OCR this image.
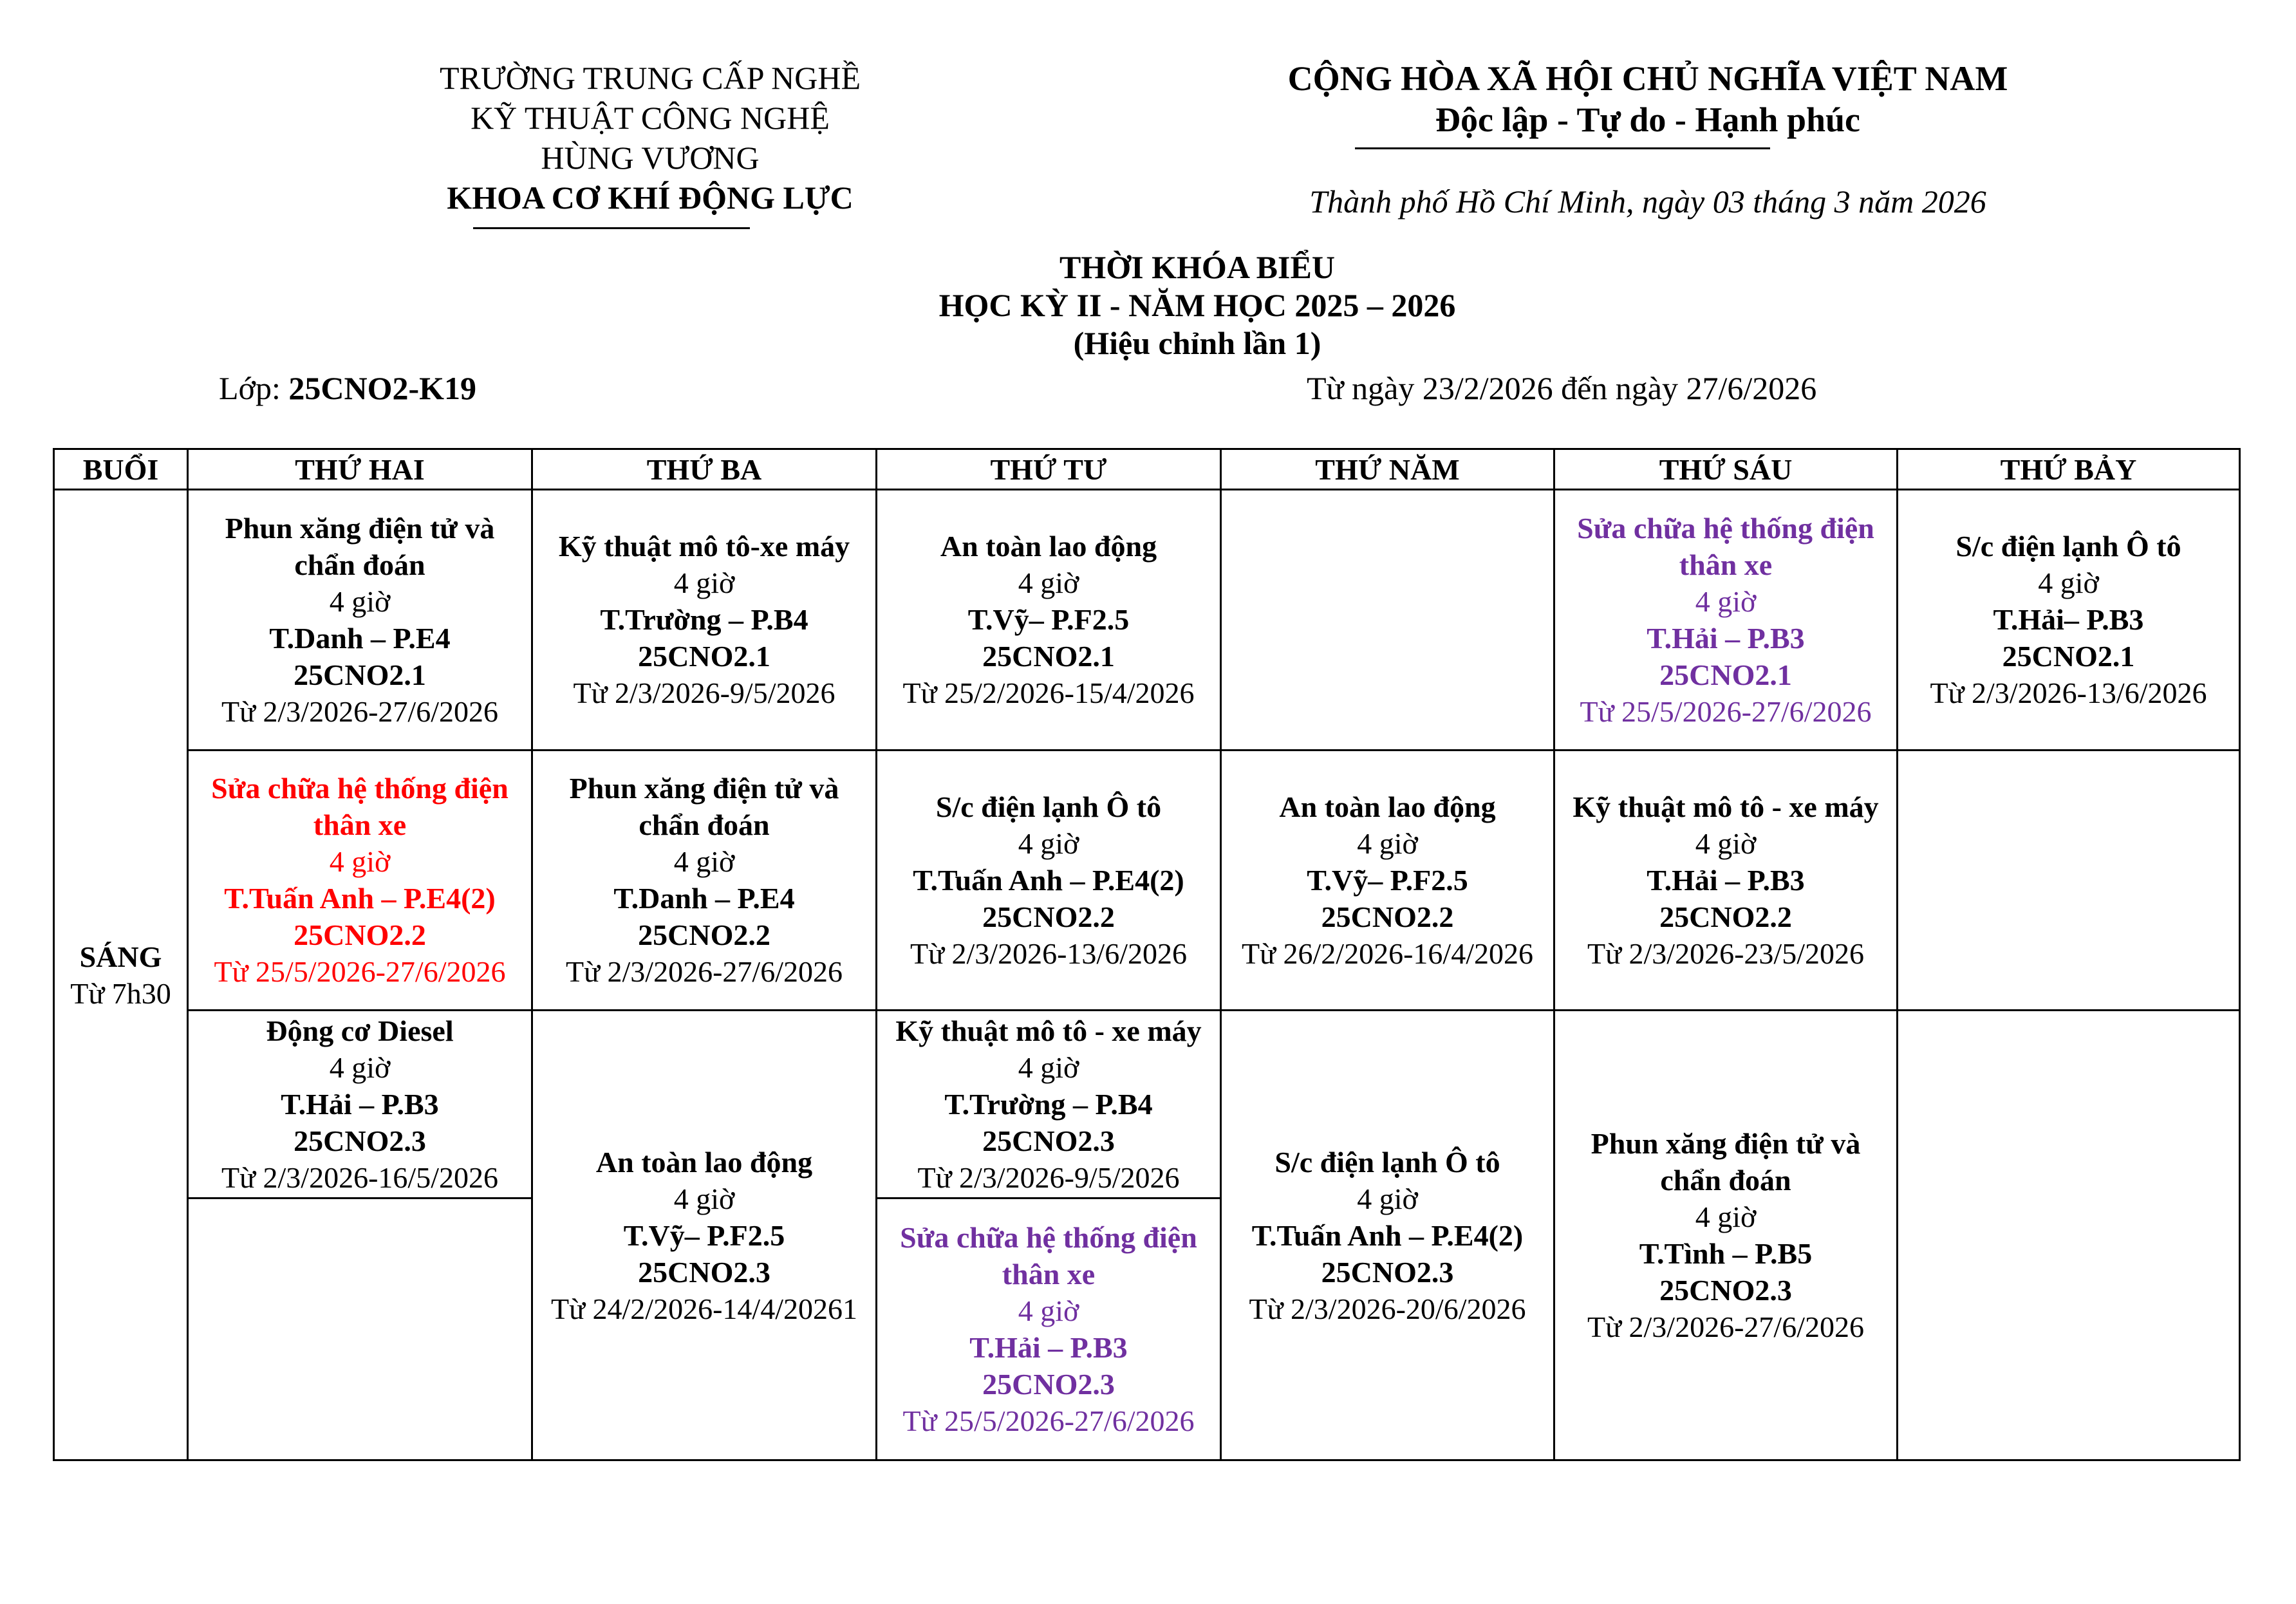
TRƯỜNG TRUNG CẤP NGHỀ
KỸ THUẬT CÔNG NGHỆ
HÙNG VƯƠNG
KHOA CƠ KHÍ ĐỘNG LỰC
CỘNG HÒA XÃ HỘI CHỦ NGHĨA VIỆT NAM
Độc lập - Tự do - Hạnh phúc
Thành phố Hồ Chí Minh, ngày 03 tháng 3 năm 2026
THỜI KHÓA BIỂU
HỌC KỲ II - NĂM HỌC 2025 – 2026
(Hiệu chỉnh lần 1)
Lớp: 25CNO2-K19	Từ ngày 23/2/2026 đến ngày 27/6/2026
BUỔI	THỨ HAI	THỨ BA	THỨ TƯ	THỨ NĂM	THỨ SÁU	THỨ BẢY

SÁNG
Từ 7h30	Phun xăng điện tử và chẩn đoán
4 giờ
T.Danh – P.E4
25CNO2.1
Từ 2/3/2026-27/6/2026	Kỹ thuật mô tô-xe máy
4 giờ
T.Trường – P.B4
25CNO2.1
Từ 2/3/2026-9/5/2026	An toàn lao động
4 giờ
T.Vỹ– P.F2.5
25CNO2.1
Từ 25/2/2026-15/4/2026		Sửa chữa hệ thống điện thân xe
4 giờ
T.Hải – P.B3
25CNO2.1
Từ 25/5/2026-27/6/2026	S/c điện lạnh Ô tô
4 giờ
T.Hải– P.B3
25CNO2.1
Từ 2/3/2026-13/6/2026

	Sửa chữa hệ thống điện thân xe
4 giờ
T.Tuấn Anh – P.E4(2)
25CNO2.2
Từ 25/5/2026-27/6/2026	Phun xăng điện tử và chẩn đoán
4 giờ
T.Danh – P.E4
25CNO2.2
Từ 2/3/2026-27/6/2026	S/c điện lạnh Ô tô
4 giờ
T.Tuấn Anh – P.E4(2)
25CNO2.2
Từ 2/3/2026-13/6/2026	An toàn lao động
4 giờ
T.Vỹ– P.F2.5
25CNO2.2
Từ 26/2/2026-16/4/2026	Kỹ thuật mô tô - xe máy
4 giờ
T.Hải – P.B3
25CNO2.2
Từ 2/3/2026-23/5/2026	

	Động cơ Diesel
4 giờ
T.Hải – P.B3
25CNO2.3
Từ 2/3/2026-16/5/2026	An toàn lao động
4 giờ
T.Vỹ– P.F2.5
25CNO2.3
Từ 24/2/2026-14/4/20261	Kỹ thuật mô tô - xe máy
4 giờ
T.Trường – P.B4
25CNO2.3
Từ 2/3/2026-9/5/2026	S/c điện lạnh Ô tô
4 giờ
T.Tuấn Anh – P.E4(2)
25CNO2.3
Từ 2/3/2026-20/6/2026	Phun xăng điện tử và chẩn đoán
4 giờ
T.Tình – P.B5
25CNO2.3
Từ 2/3/2026-27/6/2026	

			Sửa chữa hệ thống điện thân xe
4 giờ
T.Hải – P.B3
25CNO2.3
Từ 25/5/2026-27/6/2026			
